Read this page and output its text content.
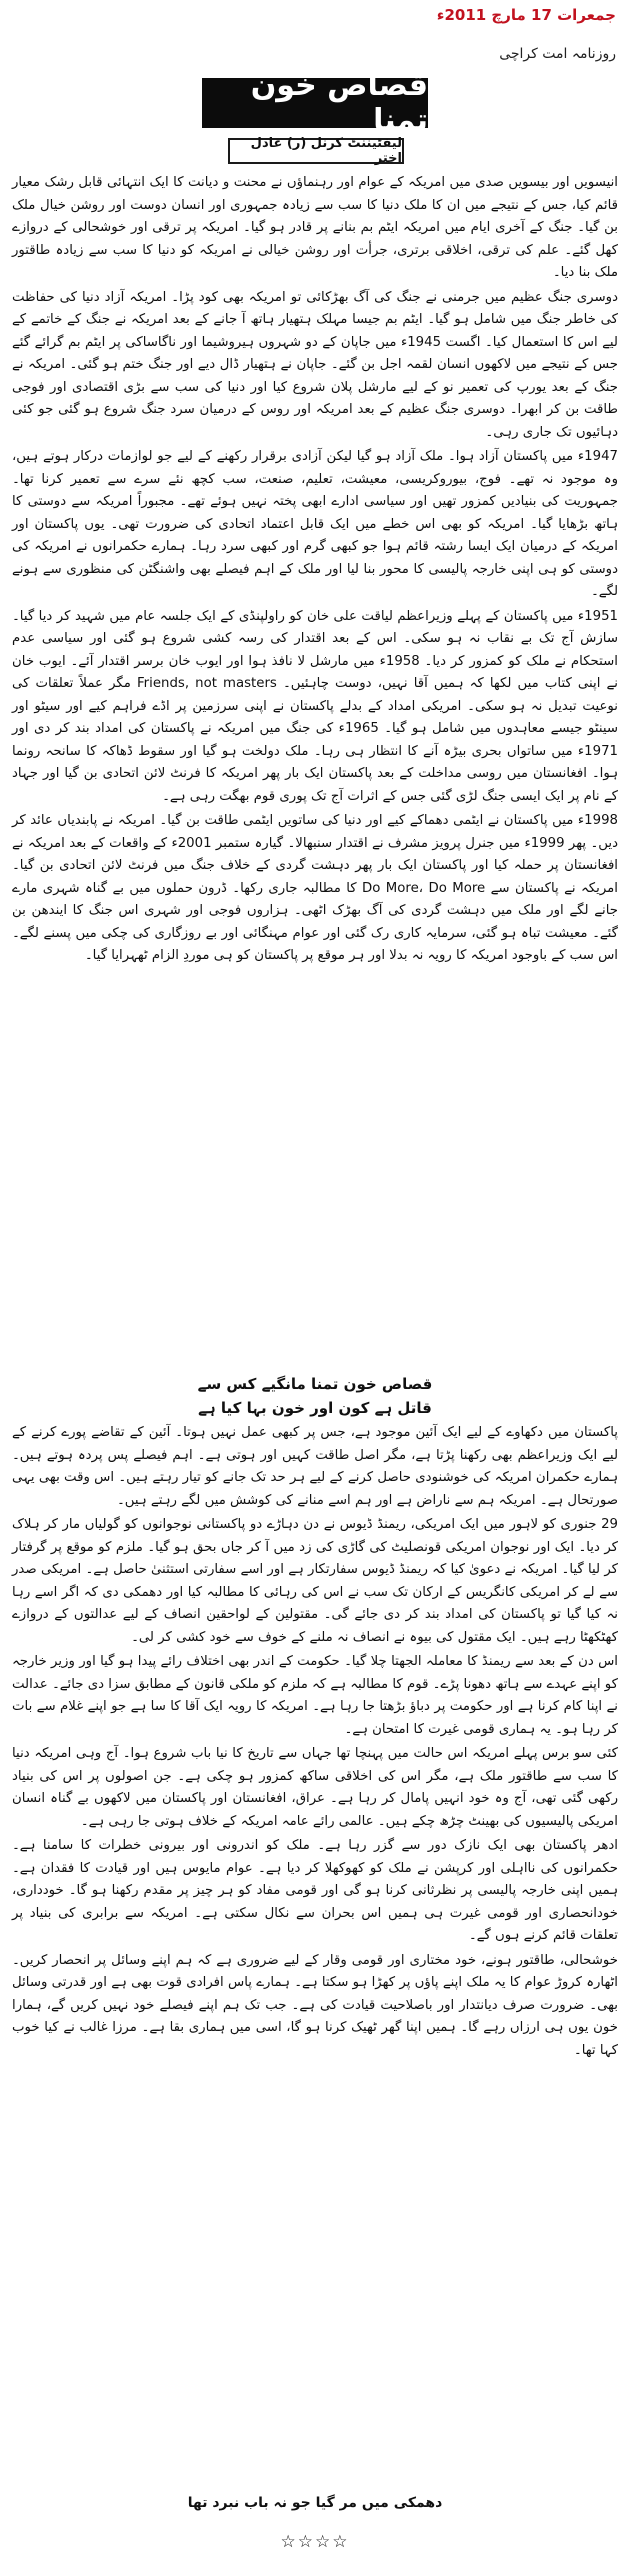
جمعرات 17 مارچ 2011ء
روزنامہ امت کراچی
قصاص خون تمنا
لیفٹیننٹ کرنل (ر) عادل اختر

انیسویں اور بیسویں صدی میں امریکہ کے عوام اور رہنماؤں نے محنت و دیانت کا ایک انتہائی قابل رشک معیار قائم کیا، جس کے نتیجے میں ان کا ملک دنیا کا سب سے زیادہ جمہوری اور انسان دوست اور روشن خیال ملک بن گیا۔ جنگ کے آخری ایام میں امریکہ ایٹم بم بنانے پر قادر ہو گیا۔ امریکہ پر ترقی اور خوشحالی کے دروازے کھل گئے۔ علم کی ترقی، اخلاقی برتری، جرأت اور روشن خیالی نے امریکہ کو دنیا کا سب سے زیادہ طاقتور ملک بنا دیا۔

دوسری جنگ عظیم میں جرمنی نے جنگ کی آگ بھڑکائی تو امریکہ بھی کود پڑا۔ امریکہ آزاد دنیا کی حفاظت کی خاطر جنگ میں شامل ہو گیا۔ ایٹم بم جیسا مہلک ہتھیار ہاتھ آ جانے کے بعد امریکہ نے جنگ کے خاتمے کے لیے اس کا استعمال کیا۔ اگست 1945ء میں جاپان کے دو شہروں ہیروشیما اور ناگاساکی پر ایٹم بم گرائے گئے جس کے نتیجے میں لاکھوں انسان لقمہ اجل بن گئے۔ جاپان نے ہتھیار ڈال دیے اور جنگ ختم ہو گئی۔ امریکہ نے جنگ کے بعد یورپ کی تعمیر نو کے لیے مارشل پلان شروع کیا اور دنیا کی سب سے بڑی اقتصادی اور فوجی طاقت بن کر ابھرا۔ دوسری جنگ عظیم کے بعد امریکہ اور روس کے درمیان سرد جنگ شروع ہو گئی جو کئی دہائیوں تک جاری رہی۔

1947ء میں پاکستان آزاد ہوا۔ ملک آزاد ہو گیا لیکن آزادی برقرار رکھنے کے لیے جو لوازمات درکار ہوتے ہیں، وہ موجود نہ تھے۔ فوج، بیوروکریسی، معیشت، تعلیم، صنعت، سب کچھ نئے سرے سے تعمیر کرنا تھا۔ جمہوریت کی بنیادیں کمزور تھیں اور سیاسی ادارے ابھی پختہ نہیں ہوئے تھے۔ مجبوراً امریکہ سے دوستی کا ہاتھ بڑھایا گیا۔ امریکہ کو بھی اس خطے میں ایک قابل اعتماد اتحادی کی ضرورت تھی۔ یوں پاکستان اور امریکہ کے درمیان ایک ایسا رشتہ قائم ہوا جو کبھی گرم اور کبھی سرد رہا۔ ہمارے حکمرانوں نے امریکہ کی دوستی کو ہی اپنی خارجہ پالیسی کا محور بنا لیا اور ملک کے اہم فیصلے بھی واشنگٹن کی منظوری سے ہونے لگے۔

1951ء میں پاکستان کے پہلے وزیراعظم لیاقت علی خان کو راولپنڈی کے ایک جلسہ عام میں شہید کر دیا گیا۔ سازش آج تک بے نقاب نہ ہو سکی۔ اس کے بعد اقتدار کی رسہ کشی شروع ہو گئی اور سیاسی عدم استحکام نے ملک کو کمزور کر دیا۔ 1958ء میں مارشل لا نافذ ہوا اور ایوب خان برسر اقتدار آئے۔ ایوب خان نے اپنی کتاب میں لکھا کہ ہمیں آقا نہیں، دوست چاہئیں۔ Friends, not masters مگر عملاً تعلقات کی نوعیت تبدیل نہ ہو سکی۔ امریکی امداد کے بدلے پاکستان نے اپنی سرزمین پر اڈے فراہم کیے اور سیٹو اور سینٹو جیسے معاہدوں میں شامل ہو گیا۔ 1965ء کی جنگ میں امریکہ نے پاکستان کی امداد بند کر دی اور 1971ء میں ساتواں بحری بیڑہ آنے کا انتظار ہی رہا۔ ملک دولخت ہو گیا اور سقوط ڈھاکہ کا سانحہ رونما ہوا۔ افغانستان میں روسی مداخلت کے بعد پاکستان ایک بار پھر امریکہ کا فرنٹ لائن اتحادی بن گیا اور جہاد کے نام پر ایک ایسی جنگ لڑی گئی جس کے اثرات آج تک پوری قوم بھگت رہی ہے۔

1998ء میں پاکستان نے ایٹمی دھماکے کیے اور دنیا کی ساتویں ایٹمی طاقت بن گیا۔ امریکہ نے پابندیاں عائد کر دیں۔ پھر 1999ء میں جنرل پرویز مشرف نے اقتدار سنبھالا۔ گیارہ ستمبر 2001ء کے واقعات کے بعد امریکہ نے افغانستان پر حملہ کیا اور پاکستان ایک بار پھر دہشت گردی کے خلاف جنگ میں فرنٹ لائن اتحادی بن گیا۔ امریکہ نے پاکستان سے Do More، Do More کا مطالبہ جاری رکھا۔ ڈرون حملوں میں بے گناہ شہری مارے جانے لگے اور ملک میں دہشت گردی کی آگ بھڑک اٹھی۔ ہزاروں فوجی اور شہری اس جنگ کا ایندھن بن گئے۔ معیشت تباہ ہو گئی، سرمایہ کاری رک گئی اور عوام مہنگائی اور بے روزگاری کی چکی میں پسنے لگے۔ اس سب کے باوجود امریکہ کا رویہ نہ بدلا اور ہر موقع پر پاکستان کو ہی موردِ الزام ٹھہرایا گیا۔

قصاص خون تمنا مانگیے کس سے
قاتل ہے کون اور خون بہا کیا ہے

پاکستان میں دکھاوے کے لیے ایک آئین موجود ہے، جس پر کبھی عمل نہیں ہوتا۔ آئین کے تقاضے پورے کرنے کے لیے ایک وزیراعظم بھی رکھنا پڑتا ہے، مگر اصل طاقت کہیں اور ہوتی ہے۔ اہم فیصلے پس پردہ ہوتے ہیں۔ ہمارے حکمران امریکہ کی خوشنودی حاصل کرنے کے لیے ہر حد تک جانے کو تیار رہتے ہیں۔ اس وقت بھی یہی صورتحال ہے۔ امریکہ ہم سے ناراض ہے اور ہم اسے منانے کی کوشش میں لگے رہتے ہیں۔

29 جنوری کو لاہور میں ایک امریکی، ریمنڈ ڈیوس نے دن دہاڑے دو پاکستانی نوجوانوں کو گولیاں مار کر ہلاک کر دیا۔ ایک اور نوجوان امریکی قونصلیٹ کی گاڑی کی زد میں آ کر جاں بحق ہو گیا۔ ملزم کو موقع پر گرفتار کر لیا گیا۔ امریکہ نے دعویٰ کیا کہ ریمنڈ ڈیوس سفارتکار ہے اور اسے سفارتی استثنیٰ حاصل ہے۔ امریکی صدر سے لے کر امریکی کانگریس کے ارکان تک سب نے اس کی رہائی کا مطالبہ کیا اور دھمکی دی کہ اگر اسے رہا نہ کیا گیا تو پاکستان کی امداد بند کر دی جائے گی۔ مقتولین کے لواحقین انصاف کے لیے عدالتوں کے دروازے کھٹکھٹا رہے ہیں۔ ایک مقتول کی بیوہ نے انصاف نہ ملنے کے خوف سے خود کشی کر لی۔

اس دن کے بعد سے ریمنڈ کا معاملہ الجھتا چلا گیا۔ حکومت کے اندر بھی اختلاف رائے پیدا ہو گیا اور وزیر خارجہ کو اپنے عہدے سے ہاتھ دھونا پڑے۔ قوم کا مطالبہ ہے کہ ملزم کو ملکی قانون کے مطابق سزا دی جائے۔ عدالت نے اپنا کام کرنا ہے اور حکومت پر دباؤ بڑھتا جا رہا ہے۔ امریکہ کا رویہ ایک آقا کا سا ہے جو اپنے غلام سے بات کر رہا ہو۔ یہ ہماری قومی غیرت کا امتحان ہے۔

کئی سو برس پہلے امریکہ اس حالت میں پہنچا تھا جہاں سے تاریخ کا نیا باب شروع ہوا۔ آج وہی امریکہ دنیا کا سب سے طاقتور ملک ہے، مگر اس کی اخلاقی ساکھ کمزور ہو چکی ہے۔ جن اصولوں پر اس کی بنیاد رکھی گئی تھی، آج وہ خود انہیں پامال کر رہا ہے۔ عراق، افغانستان اور پاکستان میں لاکھوں بے گناہ انسان امریکی پالیسیوں کی بھینٹ چڑھ چکے ہیں۔ عالمی رائے عامہ امریکہ کے خلاف ہوتی جا رہی ہے۔

ادھر پاکستان بھی ایک نازک دور سے گزر رہا ہے۔ ملک کو اندرونی اور بیرونی خطرات کا سامنا ہے۔ حکمرانوں کی نااہلی اور کرپشن نے ملک کو کھوکھلا کر دیا ہے۔ عوام مایوس ہیں اور قیادت کا فقدان ہے۔ ہمیں اپنی خارجہ پالیسی پر نظرثانی کرنا ہو گی اور قومی مفاد کو ہر چیز پر مقدم رکھنا ہو گا۔ خودداری، خودانحصاری اور قومی غیرت ہی ہمیں اس بحران سے نکال سکتی ہے۔ امریکہ سے برابری کی بنیاد پر تعلقات قائم کرنے ہوں گے۔

خوشحالی، طاقتور ہونے، خود مختاری اور قومی وقار کے لیے ضروری ہے کہ ہم اپنے وسائل پر انحصار کریں۔ اٹھارہ کروڑ عوام کا یہ ملک اپنے پاؤں پر کھڑا ہو سکتا ہے۔ ہمارے پاس افرادی قوت بھی ہے اور قدرتی وسائل بھی۔ ضرورت صرف دیانتدار اور باصلاحیت قیادت کی ہے۔ جب تک ہم اپنے فیصلے خود نہیں کریں گے، ہمارا خون یوں ہی ارزاں رہے گا۔ ہمیں اپنا گھر ٹھیک کرنا ہو گا، اسی میں ہماری بقا ہے۔ مرزا غالب نے کیا خوب کہا تھا۔

دھمکی میں مر گیا جو نہ باب نبرد تھا
☆☆☆☆
